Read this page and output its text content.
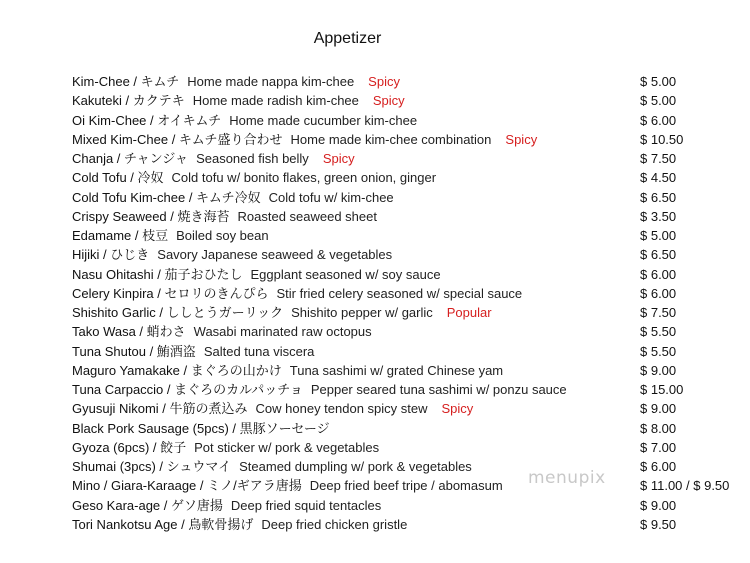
Appetizer
Kim-Chee / キムチ Home made nappa kim-chee Spicy	$ 5.00
Kakuteki / カクテキ Home made radish kim-chee Spicy	$ 5.00
Oi Kim-Chee / オイキムチ Home made cucumber kim-chee	$ 6.00
Mixed Kim-Chee / キムチ盛り合わせ Home made kim-chee combination Spicy	$ 10.50
Chanja / チャンジャ Seasoned fish belly Spicy	$ 7.50
Cold Tofu / 冷奴 Cold tofu w/ bonito flakes, green onion, ginger	$ 4.50
Cold Tofu Kim-chee / キムチ冷奴 Cold tofu w/ kim-chee	$ 6.50
Crispy Seaweed / 焼き海苔 Roasted seaweed sheet	$ 3.50
Edamame / 枝豆 Boiled soy bean	$ 5.00
Hijiki / ひじき Savory Japanese seaweed & vegetables	$ 6.50
Nasu Ohitashi / 茄子おひたし Eggplant seasoned w/ soy sauce	$ 6.00
Celery Kinpira / セロリのきんぴら Stir fried celery seasoned w/ special sauce	$ 6.00
Shishito Garlic / ししとうガーリック Shishito pepper w/ garlic Popular	$ 7.50
Tako Wasa / 蛸わさ Wasabi marinated raw octopus	$ 5.50
Tuna Shutou / 鮪酒盗 Salted tuna viscera	$ 5.50
Maguro Yamakake / まぐろの山かけ Tuna sashimi w/ grated Chinese yam	$ 9.00
Tuna Carpaccio / まぐろのカルパッチョ Pepper seared tuna sashimi w/ ponzu sauce	$ 15.00
Gyusuji Nikomi / 牛筋の煮込み Cow honey tendon spicy stew Spicy	$ 9.00
Black Pork Sausage (5pcs) / 黒豚ソーセージ	$ 8.00
Gyoza (6pcs) / 餃子 Pot sticker w/ pork & vegetables	$ 7.00
Shumai (3pcs) / シュウマイ Steamed dumpling w/ pork & vegetables	$ 6.00
Mino / Giara-Karaage / ミノ/ギアラ唐揚 Deep fried beef tripe / abomasum	$ 11.00 / $ 9.50
Geso Kara-age / ゲソ唐揚 Deep fried squid tentacles	$ 9.00
Tori Nankotsu Age / 鳥軟骨揚げ Deep fried chicken gristle	$ 9.50
menupix
